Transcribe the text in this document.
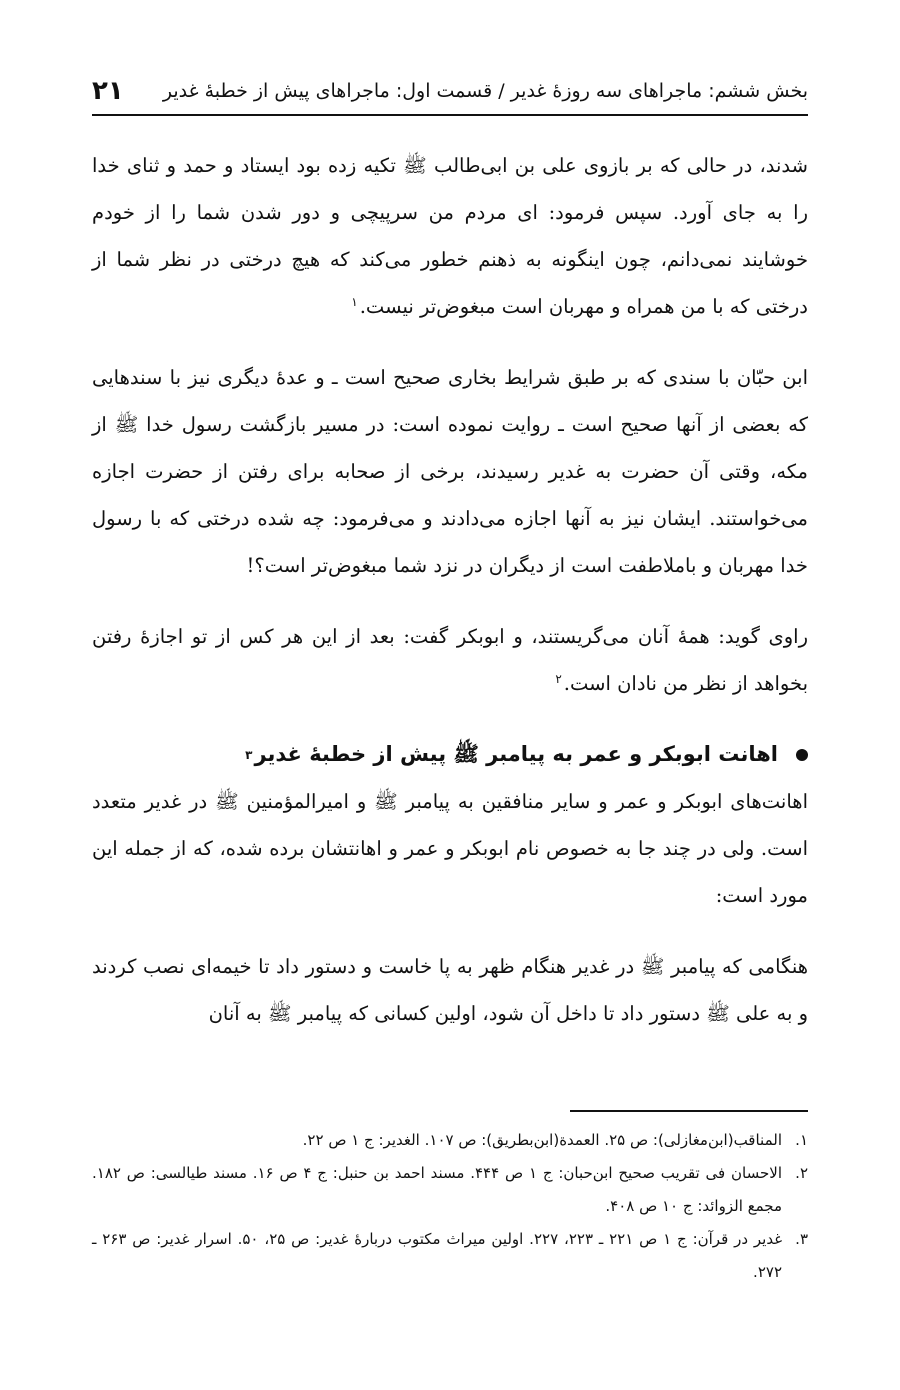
بخش ششم: ماجراهای سه روزهٔ غدیر / قسمت اول: ماجراهای پیش از خطبهٔ غدیر
۲۱

شدند، در حالی که بر بازوی علی بن ابی‌طالب ﷺ تکیه زده بود ایستاد و حمد و ثنای خدا را به جای آورد. سپس فرمود: ای مردم من سرپیچی و دور شدن شما را از خودم خوشایند نمی‌دانم، چون اینگونه به ذهنم خطور می‌کند که هیچ درختی در نظر شما از درختی که با من همراه و مهربان است مبغوض‌تر نیست.$^۱$

ابن حبّان با سندی که بر طبق شرایط بخاری صحیح است ـ و عدهٔ دیگری نیز با سندهایی که بعضی از آنها صحیح است ـ روایت نموده است: در مسیر بازگشت رسول خدا ﷺ از مکه، وقتی آن حضرت به غدیر رسیدند، برخی از صحابه برای رفتن از حضرت اجازه می‌خواستند. ایشان نیز به آنها اجازه می‌دادند و می‌فرمود: چه شده درختی که با رسول خدا مهربان و باملاطفت است از دیگران در نزد شما مبغوض‌تر است؟!

راوی گوید: همهٔ آنان می‌گریستند، و ابوبکر گفت: بعد از این هر کس از تو اجازهٔ رفتن بخواهد از نظر من نادان است.$^۲$

اهانت ابوبکر و عمر به پیامبر ﷺ پیش از خطبهٔ غدیر
۳

اهانت‌های ابوبکر و عمر و سایر منافقین به پیامبر ﷺ و امیرالمؤمنین ﷺ در غدیر متعدد است. ولی در چند جا به خصوص نام ابوبکر و عمر و اهانتشان برده شده، که از جمله این مورد است:

هنگامی که پیامبر ﷺ در غدیر هنگام ظهر به پا خاست و دستور داد تا خیمه‌ای نصب کردند و به علی ﷺ دستور داد تا داخل آن شود، اولین کسانی که پیامبر ﷺ به آنان

۱.
المناقب(ابن‌مغازلی): ص ۲۵. العمدة(ابن‌بطریق): ص ۱۰۷. الغدیر: ج ۱ ص ۲۲.
۲.
الاحسان فی تقریب صحیح ابن‌حبان: ج ۱ ص ۴۴۴. مسند احمد بن حنبل: ج ۴ ص ۱۶. مسند طیالسی: ص ۱۸۲. مجمع الزوائد: ج ۱۰ ص ۴۰۸.
۳.
غدیر در قرآن: ج ۱ ص ۲۲۱ ـ ۲۲۳، ۲۲۷. اولین میراث مکتوب دربارهٔ غدیر: ص ۲۵، ۵۰. اسرار غدیر: ص ۲۶۳ ـ ۲۷۲.
